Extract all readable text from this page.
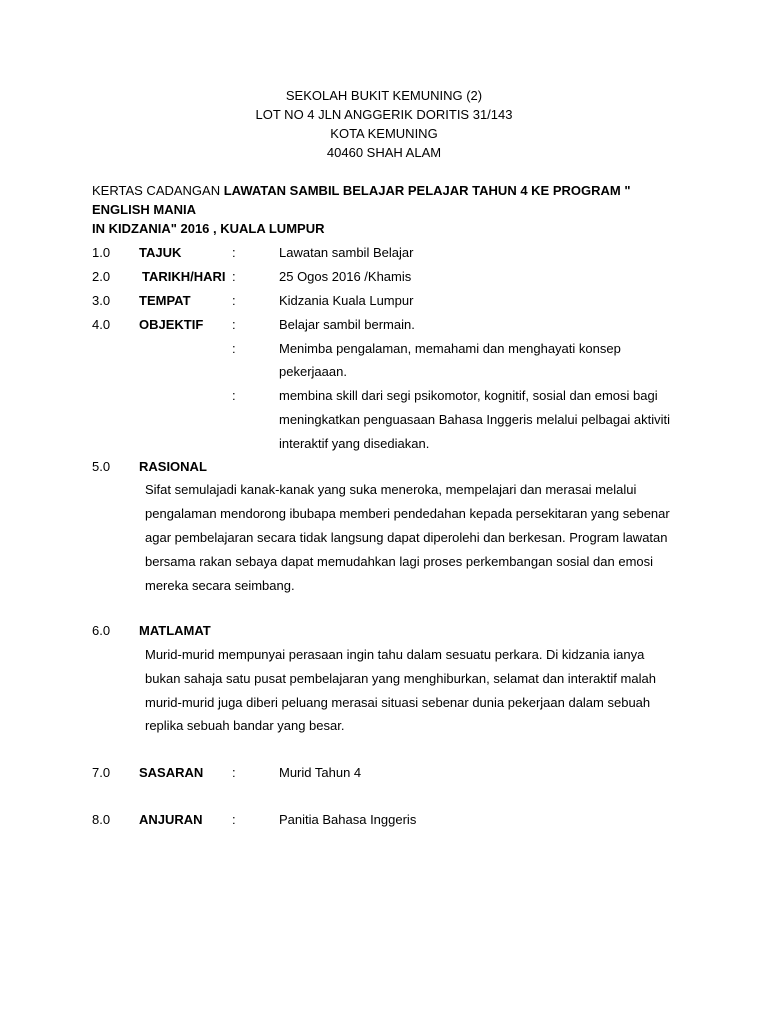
SEKOLAH BUKIT KEMUNING (2)
LOT NO 4 JLN ANGGERIK DORITIS 31/143
KOTA KEMUNING
40460 SHAH ALAM
KERTAS CADANGAN LAWATAN SAMBIL BELAJAR PELAJAR TAHUN 4 KE PROGRAM " ENGLISH MANIA
IN KIDZANIA" 2016 , KUALA LUMPUR
1.0 TAJUK	:	Lawatan sambil Belajar
2.0 TARIKH/HARI :	25 Ogos 2016 /Khamis
3.0 TEMPAT	:	Kidzania Kuala Lumpur
4.0 OBJEKTIF :	Belajar sambil bermain.
:	Menimba pengalaman, memahami dan menghayati konsep
pekerjaaan.
:	membina skill dari segi psikomotor, kognitif, sosial dan emosi bagi
meningkatkan penguasaan Bahasa Inggeris melalui pelbagai aktiviti
interaktif yang disediakan.
5.0 RASIONAL
Sifat semulajadi kanak-kanak yang suka meneroka, mempelajari dan merasai melalui
pengalaman mendorong ibubapa memberi pendedahan kepada persekitaran yang sebenar
agar pembelajaran secara tidak langsung dapat diperolehi dan berkesan. Program lawatan
bersama rakan sebaya dapat memudahkan lagi proses perkembangan sosial dan emosi
mereka secara seimbang.
6.0 MATLAMAT
Murid-murid mempunyai perasaan ingin tahu dalam sesuatu perkara. Di kidzania ianya
bukan sahaja satu pusat pembelajaran yang menghiburkan, selamat dan interaktif malah
murid-murid juga diberi peluang merasai situasi sebenar dunia pekerjaan dalam sebuah
replika sebuah bandar yang besar.
7.0 SASARAN :	Murid Tahun 4
8.0 ANJURAN :	Panitia Bahasa Inggeris
